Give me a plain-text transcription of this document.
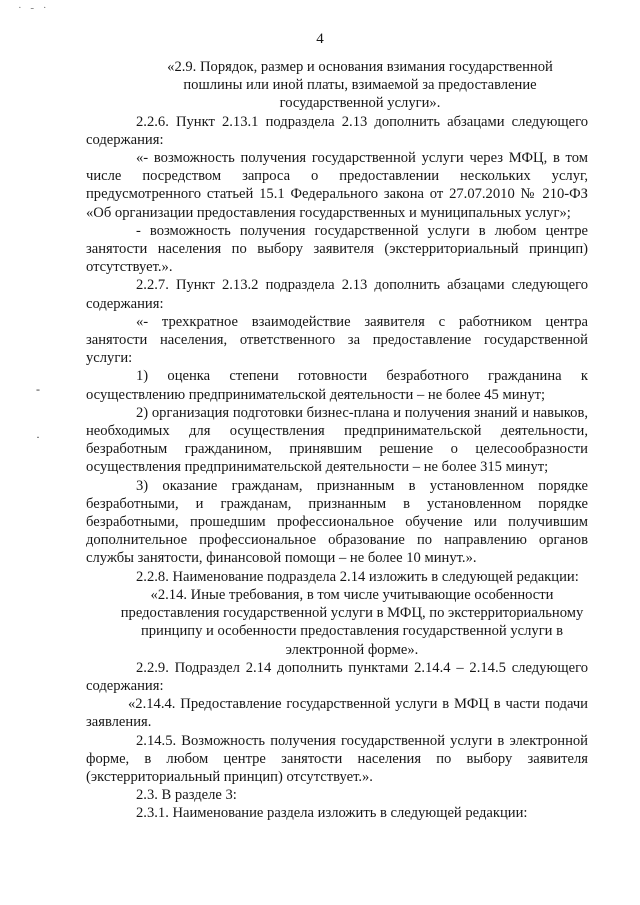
· - ·
4

«2.9. Порядок, размер и основания взимания государственной пошлины или иной платы, взимаемой за предоставление государственной услуги».

2.2.6. Пункт 2.13.1 подраздела 2.13 дополнить абзацами следующего содержания:

«- возможность получения государственной услуги через МФЦ, в том числе посредством запроса о предоставлении нескольких услуг, предусмотренного статьей 15.1 Федерального закона от 27.07.2010 № 210-ФЗ «Об организации предоставления государственных и муниципальных услуг»;

- возможность получения государственной услуги в любом центре занятости населения по выбору заявителя (экстерриториальный принцип) отсутствует.».

2.2.7. Пункт 2.13.2 подраздела 2.13 дополнить абзацами следующего содержания:

«- трехкратное взаимодействие заявителя с работником центра занятости населения, ответственного за предоставление государственной услуги:

1) оценка степени готовности безработного гражданина к осуществлению предпринимательской деятельности – не более 45 минут;

2) организация подготовки бизнес-плана и получения знаний и навыков, необходимых для осуществления предпринимательской деятельности, безработным гражданином, принявшим решение о целесообразности осуществления предпринимательской деятельности – не более 315 минут;

3) оказание гражданам, признанным в установленном порядке безработными, и гражданам, признанным в установленном порядке безработными, прошедшим профессиональное обучение или получившим дополнительное профессиональное образование по направлению органов службы занятости, финансовой помощи – не более 10 минут.».

2.2.8. Наименование подраздела 2.14 изложить в следующей редакции:

«2.14. Иные требования, в том числе учитывающие особенности предоставления государственной услуги в МФЦ, по экстерриториальному принципу и особенности предоставления государственной услуги в электронной форме».

2.2.9. Подраздел 2.14 дополнить пунктами 2.14.4 – 2.14.5 следующего содержания:

«2.14.4. Предоставление государственной услуги в МФЦ в части подачи заявления.

2.14.5. Возможность получения государственной услуги в электронной форме, в любом центре занятости населения по выбору заявителя (экстерриториальный принцип) отсутствует.».

2.3. В разделе 3:

2.3.1. Наименование раздела изложить в следующей редакции:

-
·
